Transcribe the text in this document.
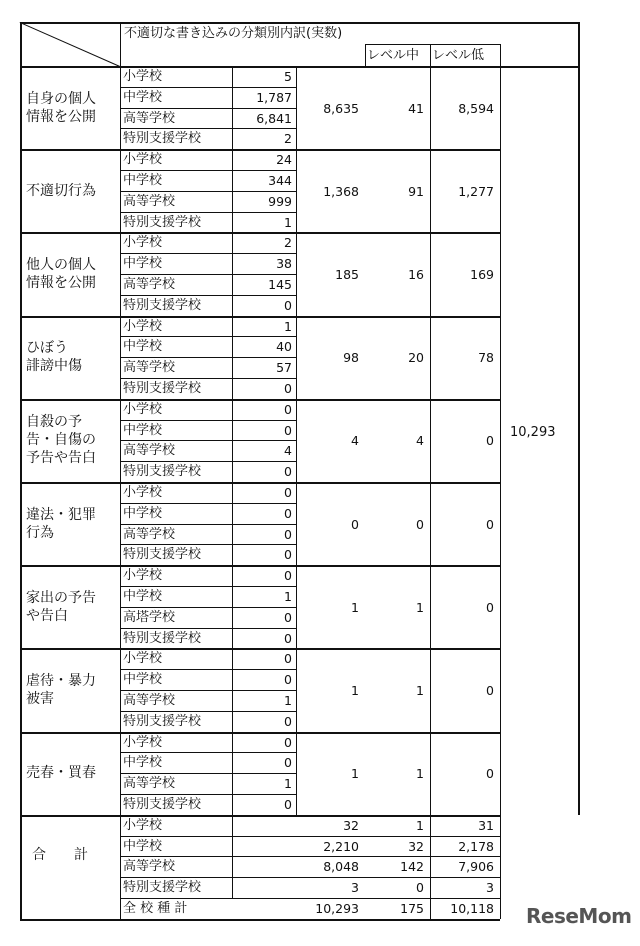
不適切な書き込みの分類別内訳(実数)
レベル中 レベル低
自身の個人
情報を公開
小学校	5
中学校	1,787
高等学校	6,841
特別支援学校	2
8,635	41	8,594
不適切行為
小学校	24
中学校	344
高等学校	999
特別支援学校	1
1,368	91	1,277
他人の個人
情報を公開
小学校	2
中学校	38
高等学校	145
特別支援学校	0
185	16	169
ひぼう
誹謗中傷
小学校	1
中学校	40
高等学校	57
特別支援学校	0
98	20	78
自殺の予
告・自傷の
予告や告白
小学校	0
中学校	0
高等学校	4
特別支援学校	0
4	4	0
違法・犯罪
行為
小学校	0
中学校	0
高等学校	0
特別支援学校	0
0	0	0
家出の予告
や告白
小学校	0
中学校	1
高塔学校	0
特別支援学校	0
1	1	0
虐待・暴力
被害
小学校	0
中学校	0
高等学校	1
特別支援学校	0
1	1	0
売春・買春
小学校	0
中学校	0
高等学校	1
特別支援学校	0
1	1	0
10,293
合　　計
小学校	32	1	31
中学校	2,210	32	2,178
高等学校	8,048	142	7,906
特別支援学校	3	0	3
全 校 種 計	10,293	175	10,118 ReseMom
